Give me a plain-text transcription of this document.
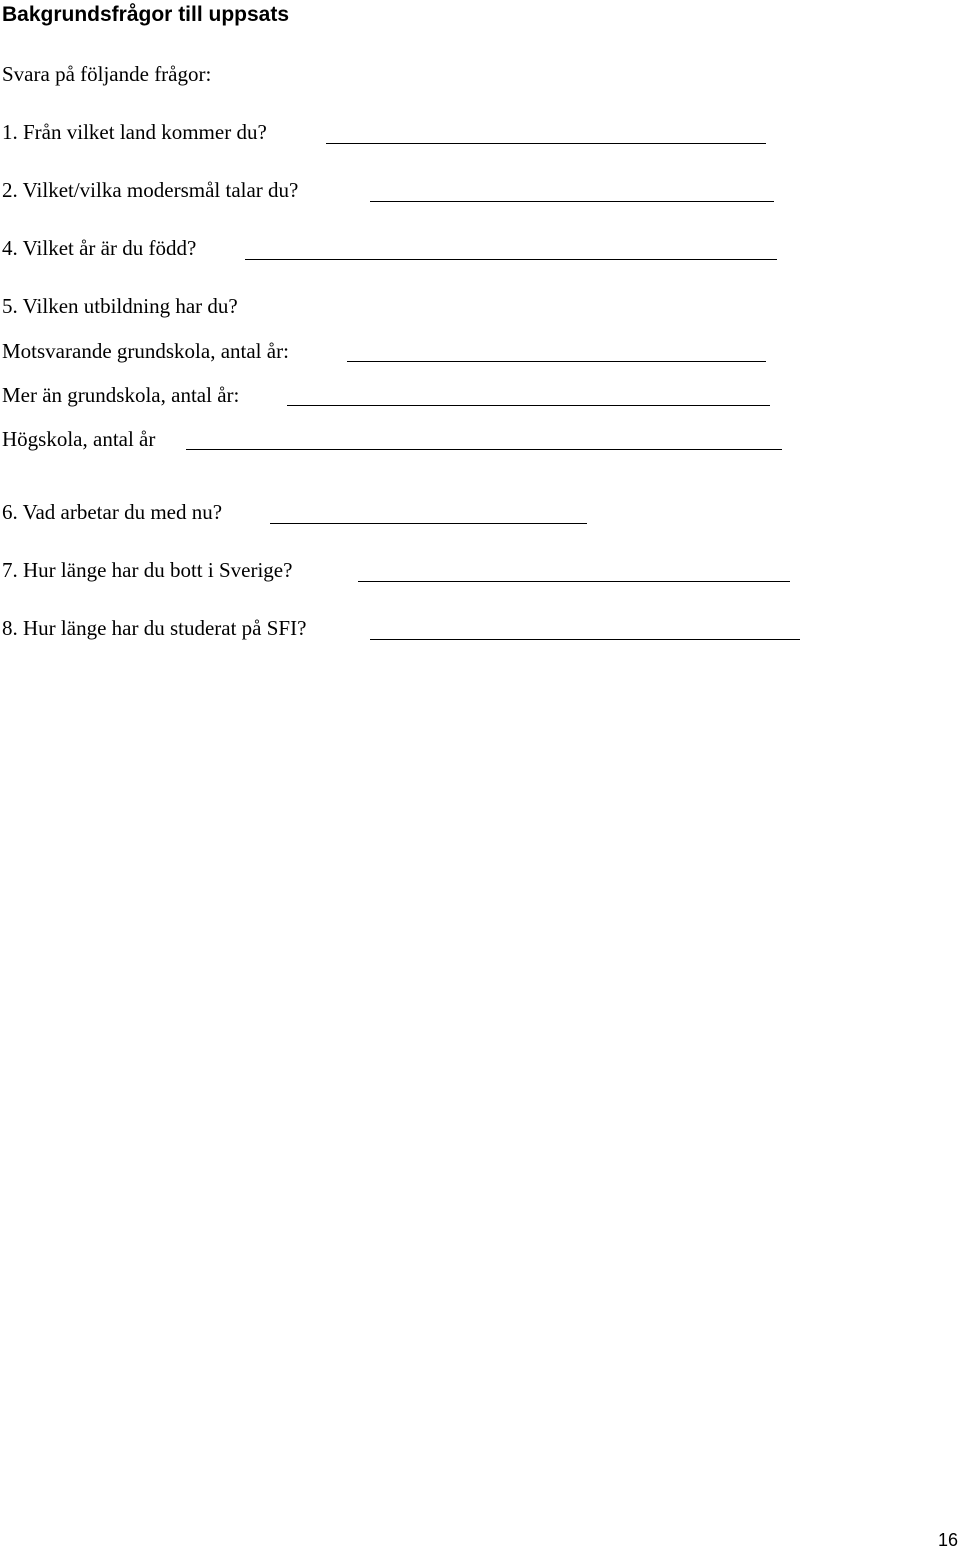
Bakgrundsfrågor till uppsats
Svara på följande frågor:
1. Från vilket land kommer du?
2. Vilket/vilka modersmål talar du?
4. Vilket år är du född?
5. Vilken utbildning har du?
Motsvarande grundskola, antal år:
Mer än grundskola, antal år:
Högskola, antal år
6. Vad arbetar du med nu?
7. Hur länge har du bott i Sverige?
8. Hur länge har du studerat på SFI?
16
